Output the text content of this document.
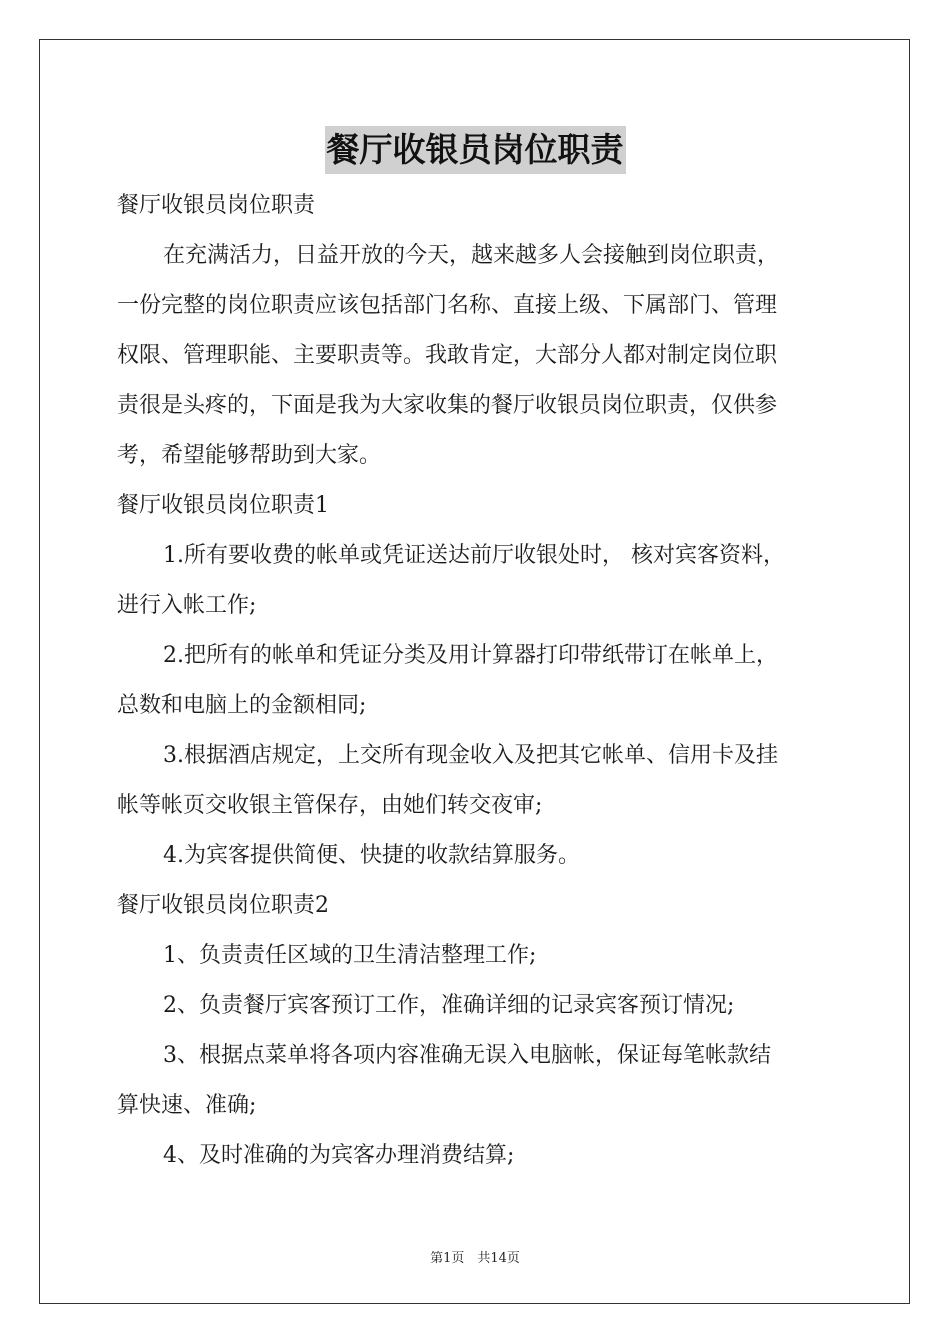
餐厅收银员岗位职责
餐厅收银员岗位职责
在充满活力，日益开放的今天，越来越多人会接触到岗位职责，
一份完整的岗位职责应该包括部门名称、直接上级、下属部门、管理
权限、管理职能、主要职责等。我敢肯定，大部分人都对制定岗位职
责很是头疼的，下面是我为大家收集的餐厅收银员岗位职责，仅供参
考，希望能够帮助到大家。
餐厅收银员岗位职责1
1.所有要收费的帐单或凭证送达前厅收银处时， 核对宾客资料，
进行入帐工作;
2.把所有的帐单和凭证分类及用计算器打印带纸带订在帐单上，
总数和电脑上的金额相同;
3.根据酒店规定，上交所有现金收入及把其它帐单、信用卡及挂
帐等帐页交收银主管保存，由她们转交夜审;
4.为宾客提供简便、快捷的收款结算服务。
餐厅收银员岗位职责2
1、负责责任区域的卫生清洁整理工作;
2、负责餐厅宾客预订工作，准确详细的记录宾客预订情况;
3、根据点菜单将各项内容准确无误入电脑帐，保证每笔帐款结
算快速、准确;
4、及时准确的为宾客办理消费结算;
第1页　共14页
